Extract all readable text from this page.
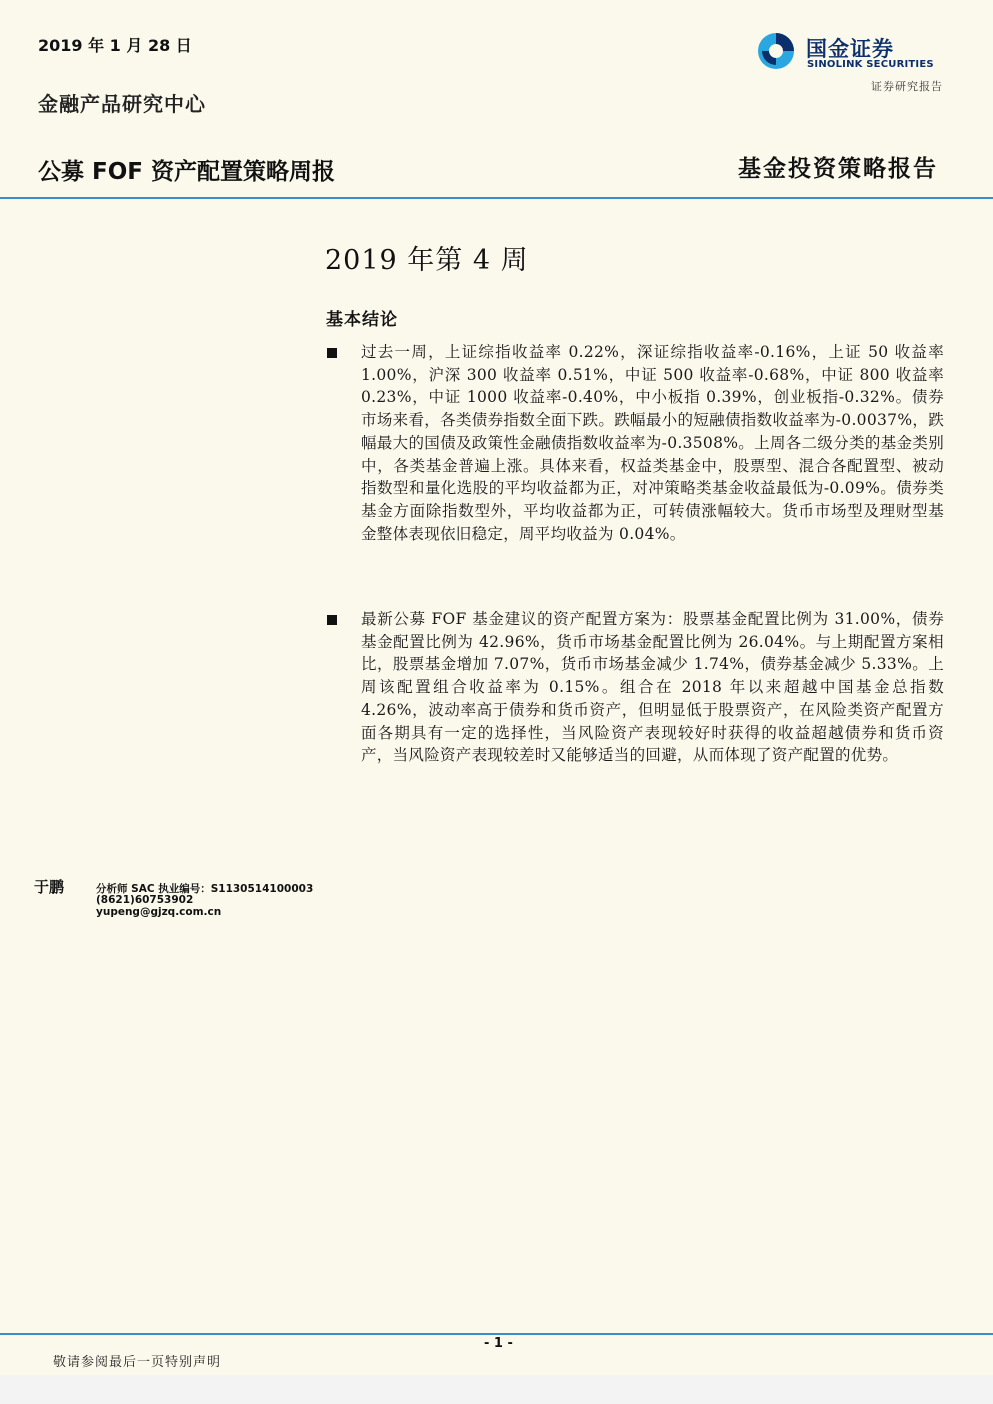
2019 年 1 月 28 日
金融产品研究中心
国金证券
SINOLINK SECURITIES
证券研究报告
公募 FOF 资产配置策略周报	基金投资策略报告
2019 年第 4 周
基本结论
过去一周，上证综指收益率 0.22%，深证综指收益率-0.16%，上证 50 收益率 1.00%，沪深 300 收益率 0.51%，中证 500 收益率-0.68%，中证 800 收益率 0.23%，中证 1000 收益率-0.40%，中小板指 0.39%，创业板指-0.32%。债券市场来看，各类债券指数全面下跌。跌幅最小的短融债指数收益率为-0.0037%，跌幅最大的国债及政策性金融债指数收益率为-0.3508%。上周各二级分类的基金类别中，各类基金普遍上涨。具体来看，权益类基金中，股票型、混合各配置型、被动指数型和量化选股的平均收益都为正，对冲策略类基金收益最低为-0.09%。债券类基金方面除指数型外，平均收益都为正，可转债涨幅较大。货币市场型及理财型基金整体表现依旧稳定，周平均收益为 0.04%。
最新公募 FOF 基金建议的资产配置方案为：股票基金配置比例为 31.00%，债券基金配置比例为 42.96%，货币市场基金配置比例为 26.04%。与上期配置方案相比，股票基金增加 7.07%，货币市场基金减少 1.74%，债券基金减少 5.33%。上周该配置组合收益率为 0.15%。组合在 2018 年以来超越中国基金总指数 4.26%，波动率高于债券和货币资产，但明显低于股票资产，在风险类资产配置方面各期具有一定的选择性，当风险资产表现较好时获得的收益超越债券和货币资产，当风险资产表现较差时又能够适当的回避，从而体现了资产配置的优势。
于鹏	分析师 SAC 执业编号：S1130514100003
(8621)60753902
yupeng@gjzq.com.cn
- 1 -
敬请参阅最后一页特别声明
